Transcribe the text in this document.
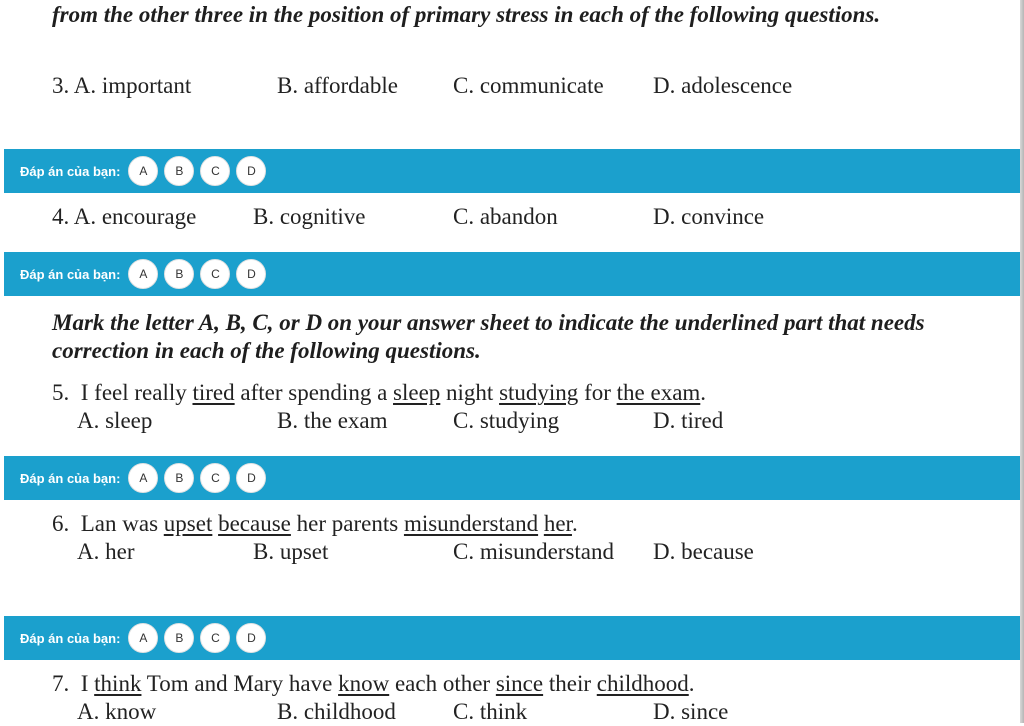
from the other three in the position of primary stress in each of the following questions.
3. A. important	B. affordable C. communicate D. adolescence
Đáp án của bạn:	A	B	C	D
4. A. encourage B. cognitive	C. abandon	D. convince
Đáp án của bạn:	A	B	C	D
Mark the letter A, B, C, or D on your answer sheet to indicate the underlined part that needs correction in each of the following questions.
5. I feel really tired after spending a sleep night studying for the exam.
A. sleep	B. the exam	C. studying	D. tired
Đáp án của bạn:	A	B	C	D
6. Lan was upset because her parents misunderstand her.
A. her	B. upset	C. misunderstand D. because
Đáp án của bạn:	A	B	C	D
7. I think Tom and Mary have know each other since their childhood.
A. know	B. childhood C. think	D. since
